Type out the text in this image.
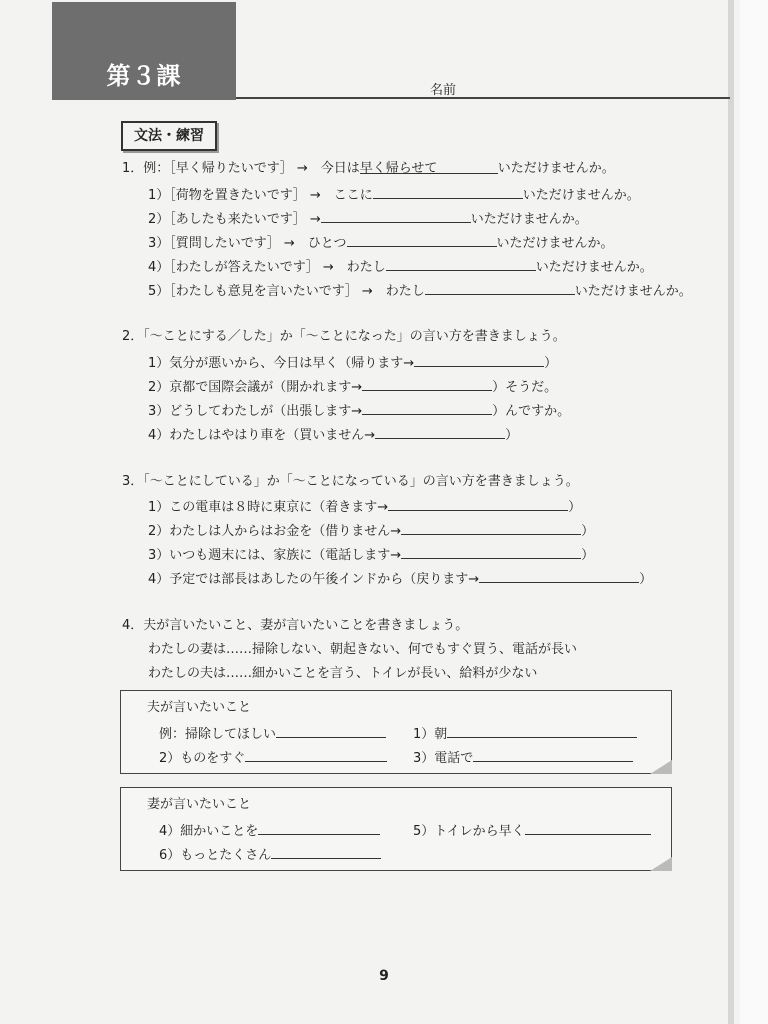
第３課
名前
文法・練習
1．例：［早く帰りたいです］ →　今日は早く帰らせて	いただけませんか。
1）［荷物を置きたいです］ →　ここに	いただけませんか。
2）［あしたも来たいです］ →	いただけませんか。
3）［質問したいです］ →　ひとつ	いただけませんか。
4）［わたしが答えたいです］ →　わたし	いただけませんか。
5）［わたしも意見を言いたいです］ →　わたし	いただけませんか。
2．「～ことにする／した」か「～ことになった」の言い方を書きましょう。
1）気分が悪いから、今日は早く（帰ります→	）
2）京都で国際会議が（開かれます→	）そうだ。
3）どうしてわたしが（出張します→	）んですか。
4）わたしはやはり車を（買いません→	）
3．「～ことにしている」か「～ことになっている」の言い方を書きましょう。
1）この電車は８時に東京に（着きます→	）
2）わたしは人からはお金を（借りません→	）
3）いつも週末には、家族に（電話します→	）
4）予定では部長はあしたの午後インドから（戻ります→	）
4．夫が言いたいこと、妻が言いたいことを書きましょう。
わたしの妻は……掃除しない、朝起きない、何でもすぐ買う、電話が長い
わたしの夫は……細かいことを言う、トイレが長い、給料が少ない
夫が言いたいこと
例：掃除してほしい	1）朝
2）ものをすぐ	3）電話で
妻が言いたいこと
4）細かいことを	5）トイレから早く
6）もっとたくさん
9
